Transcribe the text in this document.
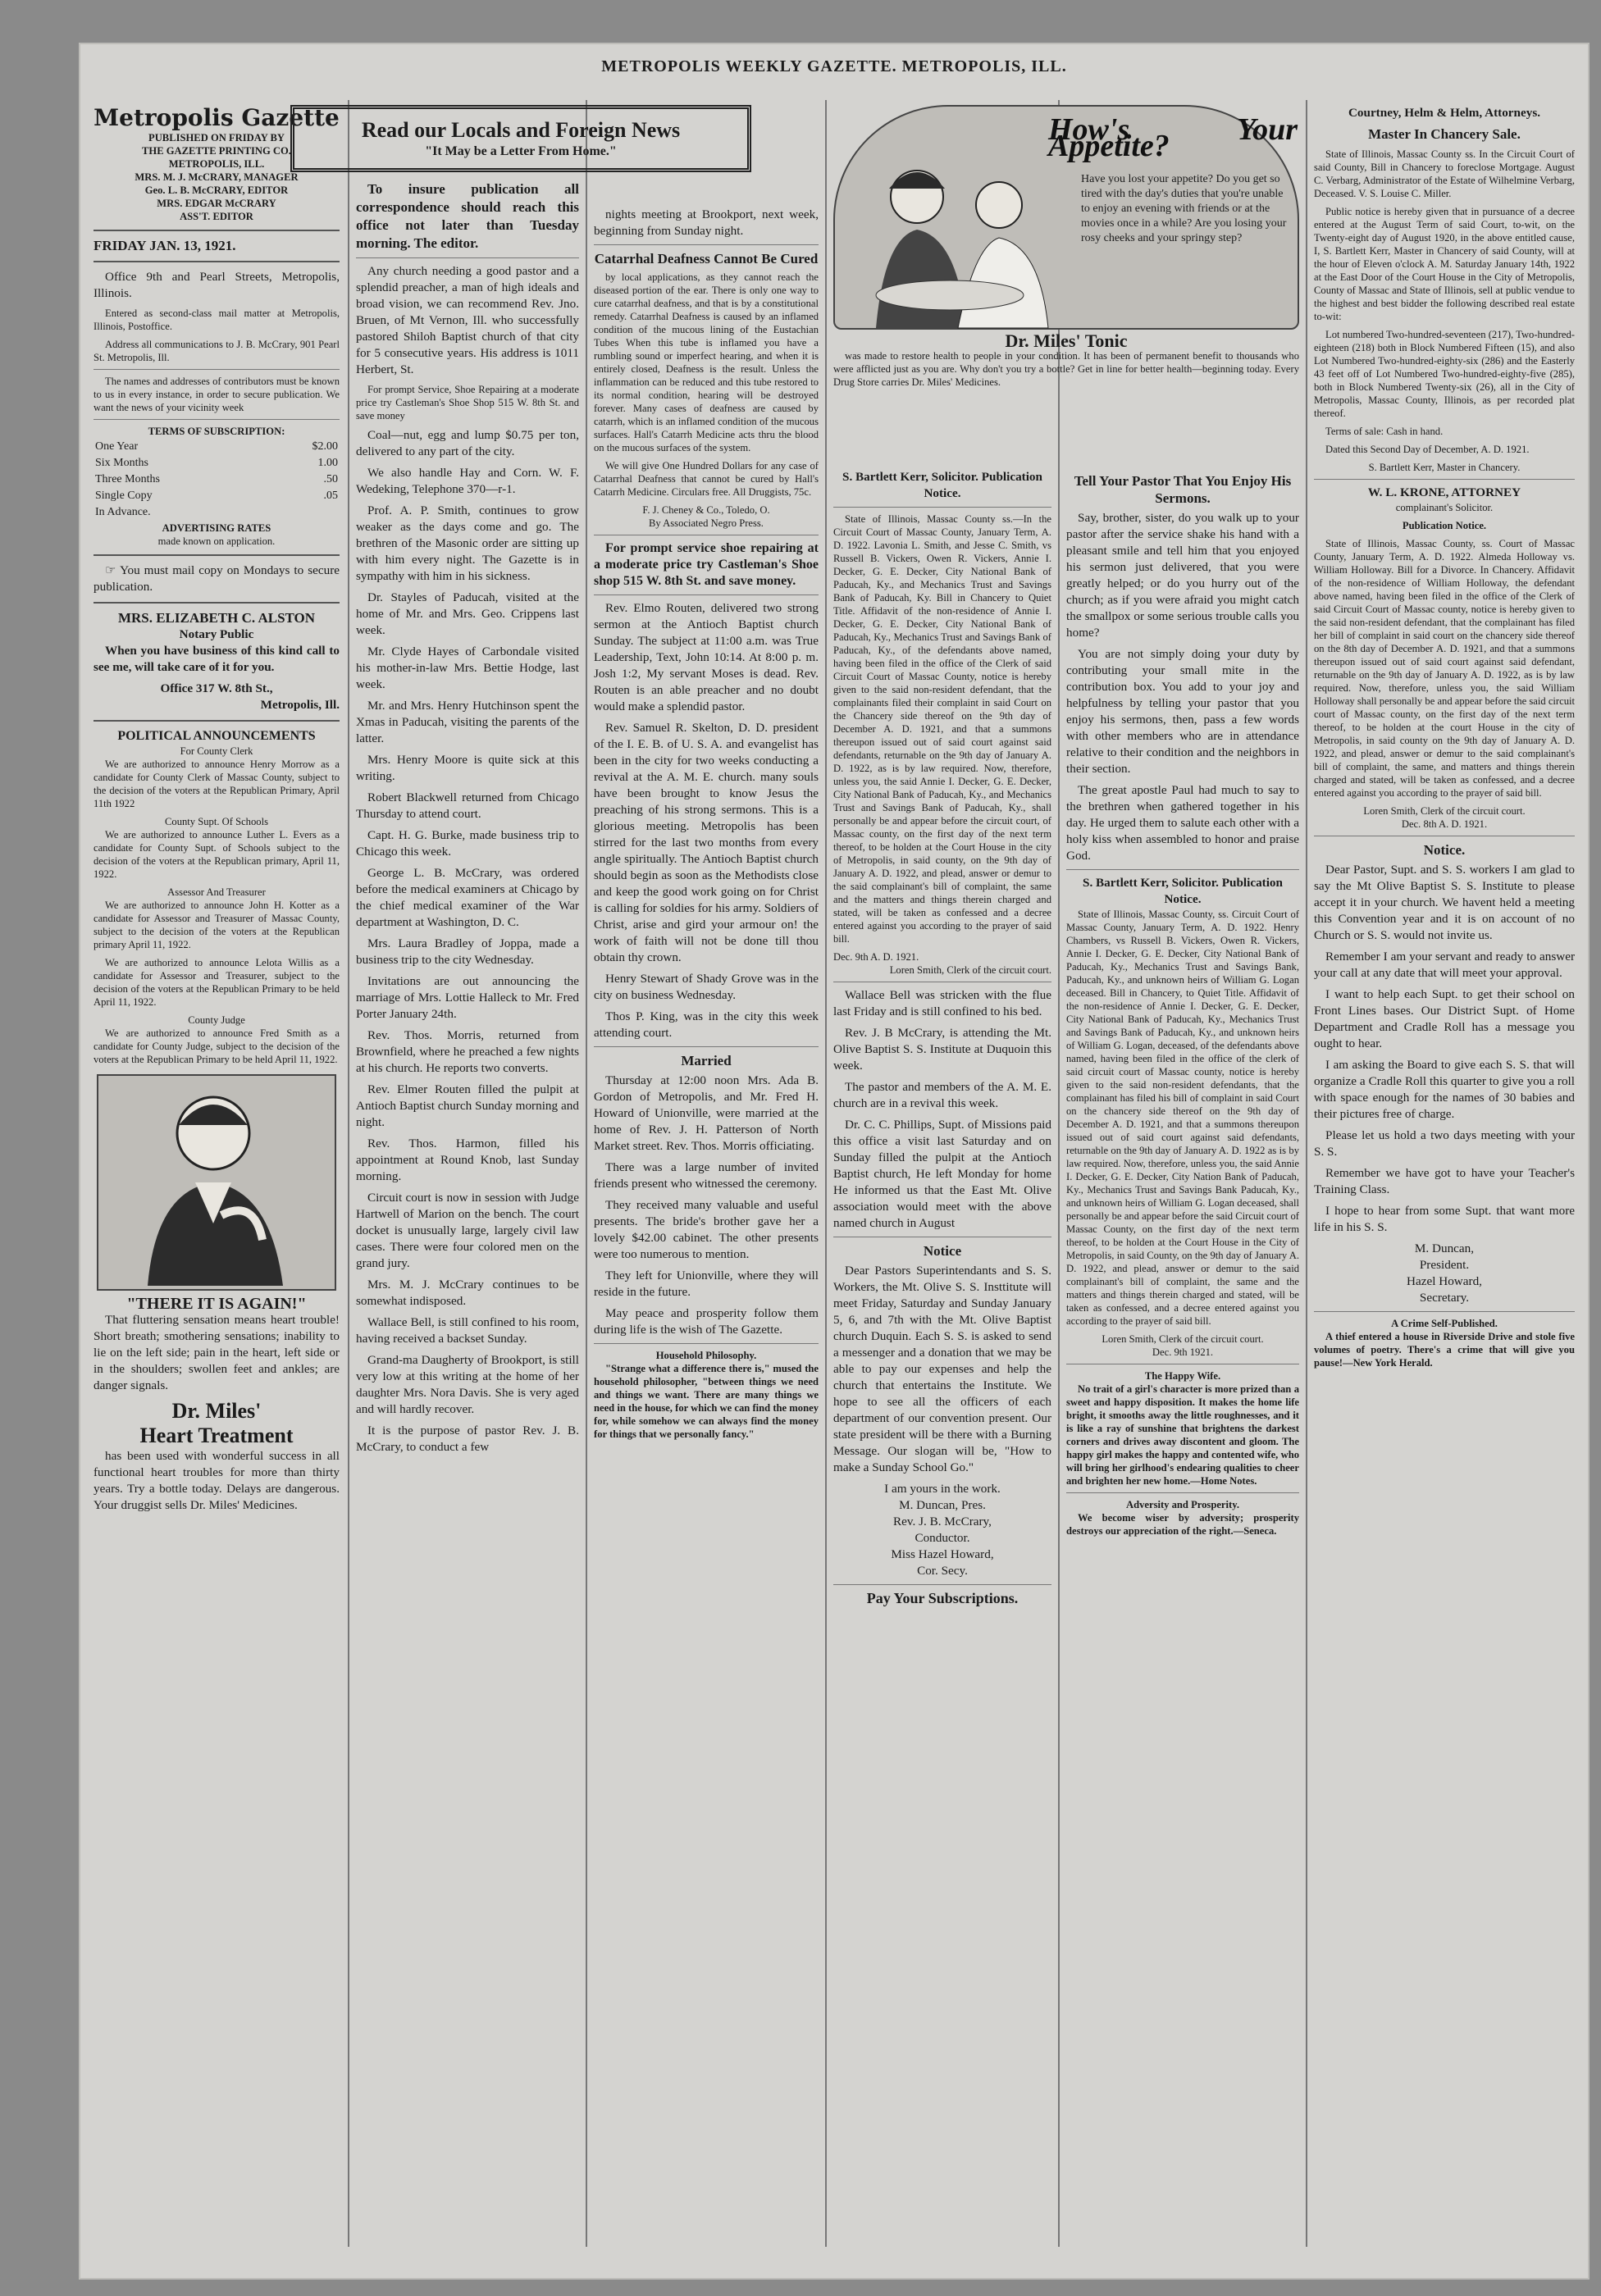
METROPOLIS WEEKLY GAZETTE. METROPOLIS, ILL.
Metropolis Gazette
PUBLISHED ON FRIDAY BY
THE GAZETTE PRINTING CO.
METROPOLIS, ILL.
MRS. M. J. McCRARY, MANAGER
Geo. L. B. McCRARY, EDITOR
MRS. EDGAR McCRARY
ASS'T. EDITOR
FRIDAY JAN. 13, 1921.

Office 9th and Pearl Streets, Metropolis, Illinois.

Entered as second-class mail matter at Metropolis, Illinois, Postoffice.

Address all communications to J. B. McCrary, 901 Pearl St. Metropolis, Ill.

The names and addresses of contributors must be known to us in every instance, in order to secure publication. We want the news of your vicinity week

TERMS OF SUBSCRIPTION:
One Year	$2.00
Six Months	1.00
Three Months	.50
Single Copy	.05
In Advance.	
ADVERTISING RATES
made known on application.

☞ You must mail copy on Mondays to secure publication.

MRS. ELIZABETH C. ALSTON
Notary Public

When you have business of this kind call to see me, will take care of it for you.

Office 317 W. 8th St.,
Metropolis, Ill.
POLITICAL ANNOUNCEMENTS
For County Clerk

We are authorized to announce Henry Morrow as a candidate for County Clerk of Massac County, subject to the decision of the voters at the Republican Primary, April 11th 1922

County Supt. Of Schools

We are authorized to announce Luther L. Evers as a candidate for County Supt. of Schools subject to the decision of the voters at the Republican primary, April 11, 1922.

Assessor And Treasurer

We are authorized to announce John H. Kotter as a candidate for Assessor and Treasurer of Massac County, subject to the decision of the voters at the Republican primary April 11, 1922.

We are authorized to announce Lelota Willis as a candidate for Assessor and Treasurer, subject to the decision of the voters at the Republican Primary to be held April 11, 1922.

County Judge

We are authorized to announce Fred Smith as a candidate for County Judge, subject to the decision of the voters at the Republican Primary to be held April 11, 1922.

"THERE IT IS AGAIN!"

That fluttering sensation means heart trouble! Short breath; smothering sensations; inability to lie on the left side; pain in the heart, left side or in the shoulders; swollen feet and ankles; are danger signals.

Dr. Miles'
Heart Treatment

has been used with wonderful success in all functional heart troubles for more than thirty years. Try a bottle today. Delays are dangerous. Your druggist sells Dr. Miles' Medicines.

Read our Locals and Foreign News
"It May be a Letter From Home."

To insure publication all correspondence should reach this office not later than Tuesday morning. The editor.

Any church needing a good pastor and a splendid preacher, a man of high ideals and broad vision, we can recommend Rev. Jno. Bruen, of Mt Vernon, Ill. who successfully pastored Shiloh Baptist church of that city for 5 consecutive years. His address is 1011 Herbert, St.

For prompt Service, Shoe Repairing at a moderate price try Castleman's Shoe Shop 515 W. 8th St. and save money

Coal—nut, egg and lump $0.75 per ton, delivered to any part of the city.

We also handle Hay and Corn. W. F. Wedeking, Telephone 370—r-1.

Prof. A. P. Smith, continues to grow weaker as the days come and go. The brethren of the Masonic order are sitting up with him every night. The Gazette is in sympathy with him in his sickness.

Dr. Stayles of Paducah, visited at the home of Mr. and Mrs. Geo. Crippens last week.

Mr. Clyde Hayes of Carbondale visited his mother-in-law Mrs. Bettie Hodge, last week.

Mr. and Mrs. Henry Hutchinson spent the Xmas in Paducah, visiting the parents of the latter.

Mrs. Henry Moore is quite sick at this writing.

Robert Blackwell returned from Chicago Thursday to attend court.

Capt. H. G. Burke, made business trip to Chicago this week.

George L. B. McCrary, was ordered before the medical examiners at Chicago by the chief medical examiner of the War department at Washington, D. C.

Mrs. Laura Bradley of Joppa, made a business trip to the city Wednesday.

Invitations are out announcing the marriage of Mrs. Lottie Halleck to Mr. Fred Porter January 24th.

Rev. Thos. Morris, returned from Brownfield, where he preached a few nights at his church. He reports two converts.

Rev. Elmer Routen filled the pulpit at Antioch Baptist church Sunday morning and night.

Rev. Thos. Harmon, filled his appointment at Round Knob, last Sunday morning.

Circuit court is now in session with Judge Hartwell of Marion on the bench. The court docket is unusually large, largely civil law cases. There were four colored men on the grand jury.

Mrs. M. J. McCrary continues to be somewhat indisposed.

Wallace Bell, is still confined to his room, having received a backset Sunday.

Grand-ma Daugherty of Brookport, is still very low at this writing at the home of her daughter Mrs. Nora Davis. She is very aged and will hardly recover.

It is the purpose of pastor Rev. J. B. McCrary, to conduct a few

nights meeting at Brookport, next week, beginning from Sunday night.

Catarrhal Deafness Cannot Be Cured

by local applications, as they cannot reach the diseased portion of the ear. There is only one way to cure catarrhal deafness, and that is by a constitutional remedy. Catarrhal Deafness is caused by an inflamed condition of the mucous lining of the Eustachian Tubes When this tube is inflamed you have a rumbling sound or imperfect hearing, and when it is entirely closed, Deafness is the result. Unless the inflammation can be reduced and this tube restored to its normal condition, hearing will be destroyed forever. Many cases of deafness are caused by catarrh, which is an inflamed condition of the mucous surfaces. Hall's Catarrh Medicine acts thru the blood on the mucous surfaces of the system.

We will give One Hundred Dollars for any case of Catarrhal Deafness that cannot be cured by Hall's Catarrh Medicine. Circulars free. All Druggists, 75c.

F. J. Cheney & Co., Toledo, O.
By Associated Negro Press.

For prompt service shoe repairing at a moderate price try Castleman's Shoe shop 515 W. 8th St. and save money.

Rev. Elmo Routen, delivered two strong sermon at the Antioch Baptist church Sunday. The subject at 11:00 a.m. was True Leadership, Text, John 10:14. At 8:00 p. m. Josh 1:2, My servant Moses is dead. Rev. Routen is an able preacher and no doubt would make a splendid pastor.

Rev. Samuel R. Skelton, D. D. president of the I. E. B. of U. S. A. and evangelist has been in the city for two weeks conducting a revival at the A. M. E. church. many souls have been brought to know Jesus the preaching of his strong sermons. This is a glorious meeting. Metropolis has been stirred for the last two months from every angle spiritually. The Antioch Baptist church should begin as soon as the Methodists close and keep the good work going on for Christ is calling for soldies for his army. Soldiers of Christ, arise and gird your armour on! the work of faith will not be done till thou obtain thy crown.

Henry Stewart of Shady Grove was in the city on business Wednesday.

Thos P. King, was in the city this week attending court.

Married

Thursday at 12:00 noon Mrs. Ada B. Gordon of Metropolis, and Mr. Fred H. Howard of Unionville, were married at the home of Rev. J. H. Patterson of North Market street. Rev. Thos. Morris officiating.

There was a large number of invited friends present who witnessed the ceremony.

They received many valuable and useful presents. The bride's brother gave her a lovely $42.00 cabinet. The other presents were too numerous to mention.

They left for Unionville, where they will reside in the future.

May peace and prosperity follow them during life is the wish of The Gazette.

Household Philosophy.

"Strange what a difference there is," mused the household philosopher, "between things we need and things we want. There are many things we need in the house, for which we can find the money for, while somehow we can always find the money for things that we personally fancy."

How's Your Appetite?
Have you lost your appetite? Do you get so tired with the day's duties that you're unable to enjoy an evening with friends or at the movies once in a while? Are you losing your rosy cheeks and your springy step?
Dr. Miles' Tonic

was made to restore health to people in your condition. It has been of permanent benefit to thousands who were afflicted just as you are. Why don't you try a bottle? Get in line for better health—beginning today. Every Drug Store carries Dr. Miles' Medicines.

S. Bartlett Kerr, Solicitor. Publication Notice.

State of Illinois, Massac County ss.—In the Circuit Court of Massac County, January Term, A. D. 1922. Lavonia L. Smith, and Jesse C. Smith, vs Russell B. Vickers, Owen R. Vickers, Annie I. Decker, G. E. Decker, City National Bank of Paducah, Ky., and Mechanics Trust and Savings Bank of Paducah, Ky. Bill in Chancery to Quiet Title. Affidavit of the non-residence of Annie I. Decker, G. E. Decker, City National Bank of Paducah, Ky., Mechanics Trust and Savings Bank of Paducah, Ky., of the defendants above named, having been filed in the office of the Clerk of said Circuit Court of Massac County, notice is hereby given to the said non-resident defendant, that the complainants filed their complaint in said Court on the Chancery side thereof on the 9th day of December A. D. 1921, and that a summons thereupon issued out of said court against said defendants, returnable on the 9th day of January A. D. 1922, as is by law required. Now, therefore, unless you, the said Annie I. Decker, G. E. Decker, City National Bank of Paducah, Ky., and Mechanics Trust and Savings Bank of Paducah, Ky., shall personally be and appear before the circuit court, of Massac county, on the first day of the next term thereof, to be holden at the Court House in the city of Metropolis, in said county, on the 9th day of January A. D. 1922, and plead, answer or demur to the said complainant's bill of complaint, the same and the matters and things therein charged and stated, will be taken as confessed and a decree entered against you according to the prayer of said bill.

Dec. 9th A. D. 1921.
Loren Smith, Clerk of the circuit court.

Wallace Bell was stricken with the flue last Friday and is still confined to his bed.

Rev. J. B McCrary, is attending the Mt. Olive Baptist S. S. Institute at Duquoin this week.

The pastor and members of the A. M. E. church are in a revival this week.

Dr. C. C. Phillips, Supt. of Missions paid this office a visit last Saturday and on Sunday filled the pulpit at the Antioch Baptist church, He left Monday for home He informed us that the East Mt. Olive association would meet with the above named church in August

Notice

Dear Pastors Superintendants and S. S. Workers, the Mt. Olive S. S. Insttitute will meet Friday, Saturday and Sunday January 5, 6, and 7th with the Mt. Olive Baptist church Duquin. Each S. S. is asked to send a messenger and a donation that we may be able to pay our expenses and help the church that entertains the Institute. We hope to see all the officers of each department of our convention present. Our state president will be there with a Burning Message. Our slogan will be, "How to make a Sunday School Go."

I am yours in the work.
M. Duncan, Pres.
Rev. J. B. McCrary,
Conductor.
Miss Hazel Howard,
Cor. Secy.
Pay Your Subscriptions.
Tell Your Pastor That You Enjoy His Sermons.

Say, brother, sister, do you walk up to your pastor after the service shake his hand with a pleasant smile and tell him that you enjoyed his sermon just delivered, that you were greatly helped; or do you hurry out of the church; as if you were afraid you might catch the smallpox or some serious trouble calls you home?

You are not simply doing your duty by contributing your small mite in the contribution box. You add to your joy and helpfulness by telling your pastor that you enjoy his sermons, then, pass a few words with other members who are in attendance relative to their condition and the neighbors in their section.

The great apostle Paul had much to say to the brethren when gathered together in his day. He urged them to salute each other with a holy kiss when assembled to honor and praise God.

S. Bartlett Kerr, Solicitor. Publication Notice.

State of Illinois, Massac County, ss. Circuit Court of Massac County, January Term, A. D. 1922. Henry Chambers, vs Russell B. Vickers, Owen R. Vickers, Annie I. Decker, G. E. Decker, City National Bank of Paducah, Ky., Mechanics Trust and Savings Bank, Paducah, Ky., and unknown heirs of William G. Logan deceased. Bill in Chancery, to Quiet Title. Affidavit of the non-residence of Annie I. Decker, G. E. Decker, City National Bank of Paducah, Ky., Mechanics Trust and Savings Bank of Paducah, Ky., and unknown heirs of William G. Logan, deceased, of the defendants above named, having been filed in the office of the clerk of said circuit court of Massac county, notice is hereby given to the said non-resident defendants, that the complainant has filed his bill of complaint in said Court on the chancery side thereof on the 9th day of December A. D. 1921, and that a summons thereupon issued out of said court against said defendants, returnable on the 9th day of January A. D. 1922 as is by law required. Now, therefore, unless you, the said Annie I. Decker, G. E. Decker, City Nation Bank of Paducah, Ky., Mechanics Trust and Savings Bank Paducah, Ky., and unknown heirs of William G. Logan deceased, shall personally be and appear before the said Circuit court of Massac County, on the first day of the next term thereof, to be holden at the Court House in the City of Metropolis, in said County, on the 9th day of January A. D. 1922, and plead, answer or demur to the said complainant's bill of complaint, the same and the matters and things therein charged and stated, will be taken as confessed, and a decree entered against you according to the prayer of said bill.

Loren Smith, Clerk of the circuit court.
Dec. 9th 1921.
The Happy Wife.

No trait of a girl's character is more prized than a sweet and happy disposition. It makes the home life bright, it smooths away the little roughnesses, and it is like a ray of sunshine that brightens the darkest corners and drives away discontent and gloom. The happy girl makes the happy and contented wife, who will bring her girlhood's endearing qualities to cheer and brighten her new home.—Home Notes.

Adversity and Prosperity.

We become wiser by adversity; prosperity destroys our appreciation of the right.—Seneca.

Courtney, Helm & Helm, Attorneys.
Master In Chancery Sale.

State of Illinois, Massac County ss. In the Circuit Court of said County, Bill in Chancery to foreclose Mortgage. August C. Verbarg, Administrator of the Estate of Wilhelmine Verbarg, Deceased. V. S. Louise C. Miller.

Public notice is hereby given that in pursuance of a decree entered at the August Term of said Court, to-wit, on the Twenty-eight day of August 1920, in the above entitled cause, I, S. Bartlett Kerr, Master in Chancery of said County, will at the hour of Eleven o'clock A. M. Saturday January 14th, 1922 at the East Door of the Court House in the City of Metropolis, County of Massac and State of Illinois, sell at public vendue to the highest and best bidder the following described real estate to-wit:

Lot numbered Two-hundred-seventeen (217), Two-hundred-eighteen (218) both in Block Numbered Fifteen (15), and also Lot Numbered Two-hundred-eighty-six (286) and the Easterly 43 feet off of Lot Numbered Two-hundred-eighty-five (285), both in Block Numbered Twenty-six (26), all in the City of Metropolis, Massac County, Illinois, as per recorded plat thereof.

Terms of sale: Cash in hand.

Dated this Second Day of December, A. D. 1921.

S. Bartlett Kerr, Master in Chancery.
W. L. KRONE, ATTORNEY
complainant's Solicitor.
Publication Notice.

State of Illinois, Massac County, ss. Court of Massac County, January Term, A. D. 1922. Almeda Holloway vs. William Holloway. Bill for a Divorce. In Chancery. Affidavit of the non-residence of William Holloway, the defendant above named, having been filed in the office of the Clerk of said Circuit Court of Massac county, notice is hereby given to the said non-resident defendant, that the complainant has filed her bill of complaint in said court on the chancery side thereof on the 8th day of December A. D. 1921, and that a summons thereupon issued out of said court against said defendant, returnable on the 9th day of January A. D. 1922, as is by law required. Now, therefore, unless you, the said William Holloway shall personally be and appear before the said circuit court of Massac county, on the first day of the next term thereof, to be holden at the court House in the city of Metropolis, in said county on the 9th day of January A. D. 1922, and plead, answer or demur to the said complainant's bill of complaint, the same, and matters and things therein charged and stated, will be taken as confessed, and a decree entered against you according to the prayer of said bill.

Loren Smith, Clerk of the circuit court.
Dec. 8th A. D. 1921.
Notice.

Dear Pastor, Supt. and S. S. workers I am glad to say the Mt Olive Baptist S. S. Institute to please accept it in your church. We havent held a meeting this Convention year and it is on account of no Church or S. S. would not invite us.

Remember I am your servant and ready to answer your call at any date that will meet your approval.

I want to help each Supt. to get their school on Front Lines bases. Our District Supt. of Home Department and Cradle Roll has a message you ought to hear.

I am asking the Board to give each S. S. that will organize a Cradle Roll this quarter to give you a roll with space enough for the names of 30 babies and their pictures free of charge.

Please let us hold a two days meeting with your S. S.

Remember we have got to have your Teacher's Training Class.

I hope to hear from some Supt. that want more life in his S. S.

M. Duncan,
President.
Hazel Howard,
Secretary.
A Crime Self-Published.

A thief entered a house in Riverside Drive and stole five volumes of poetry. There's a crime that will give you pause!—New York Herald.
